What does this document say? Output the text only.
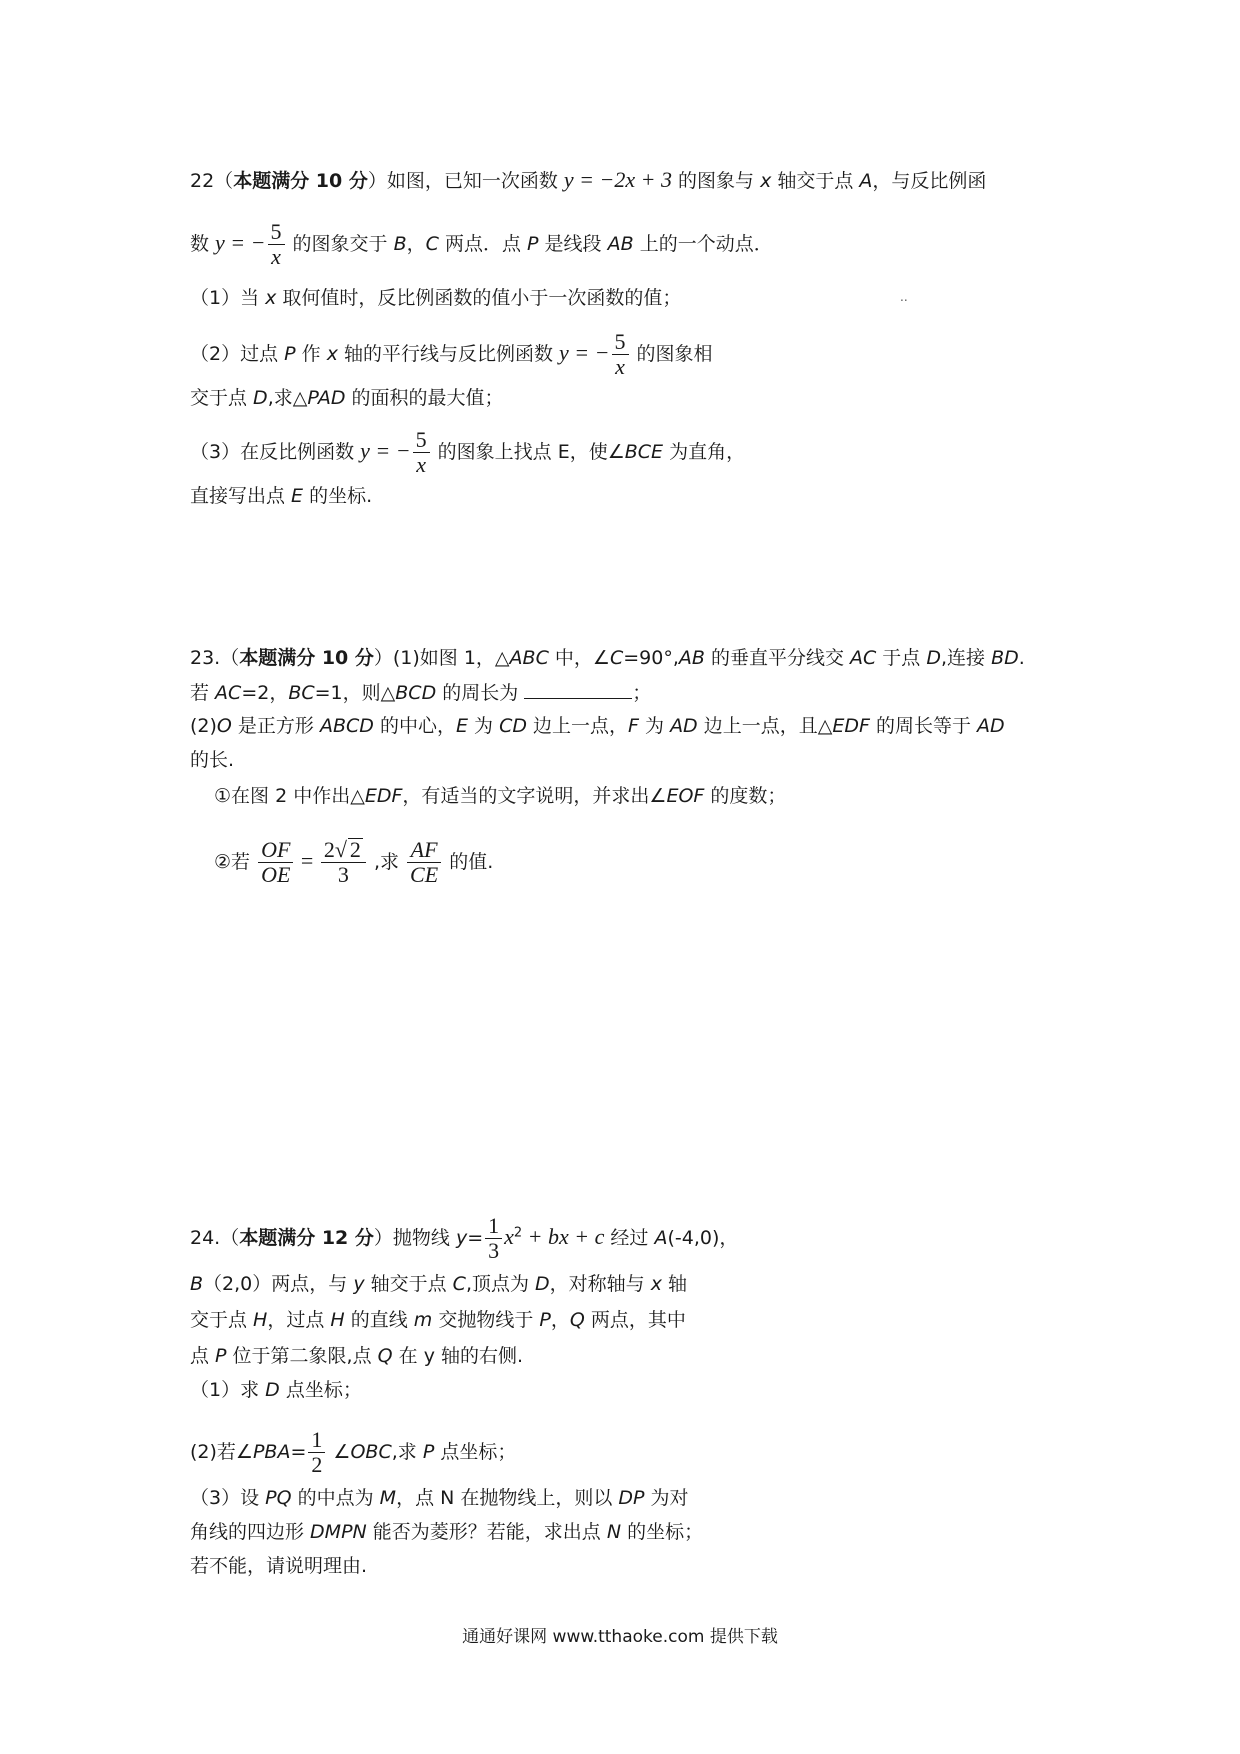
22（本题满分 10 分）如图，已知一次函数 y = −2x + 3 的图象与 x 轴交于点 A，与反比例函
数 y = − $\frac{5}{x}$ 的图象交于 B，C 两点．点 P 是线段 AB 上的一个动点．
（1）当 x 取何值时，反比例函数的值小于一次函数的值；	..
（2）过点 P 作 x 轴的平行线与反比例函数 y = − $\frac{5}{x}$ 的图象相
交于点 D,求△PAD 的面积的最大值；
（3）在反比例函数 y = − $\frac{5}{x}$ 的图象上找点 E，使∠BCE 为直角，
直接写出点 E 的坐标.
23.（本题满分 10 分）(1)如图 1，△ABC 中，∠C=90°,AB 的垂直平分线交 AC 于点 D,连接 BD.
若 AC=2，BC=1，则△BCD 的周长为	；
(2)O 是正方形 ABCD 的中心，E 为 CD 边上一点，F 为 AD 边上一点，且△EDF 的周长等于 AD
的长.
①在图 2 中作出△EDF，有适当的文字说明，并求出∠EOF 的度数；
②若 $\frac{OF}{OE} = \frac{2√ 2}{3}$ ,求 $\frac{AF}{CE}$ 的值.
24.（本题满分 12 分）抛物线 $y= \frac{1}{3} x^2$ + bx + c 经过 A(-4,0)，
B（2,0）两点，与 y 轴交于点 C,顶点为 D，对称轴与 x 轴
交于点 H，过点 H 的直线 m 交抛物线于 P，Q 两点，其中
点 P 位于第二象限,点 Q 在 y 轴的右侧.
（1）求 D 点坐标；
(2)若∠PBA= $\frac{1}{2}$ ∠OBC,求 P 点坐标；
（3）设 PQ 的中点为 M，点 N 在抛物线上，则以 DP 为对
角线的四边形 DMPN 能否为菱形？若能，求出点 N 的坐标；
若不能，请说明理由.
通通好课网 www.tthaoke.com 提供下载
